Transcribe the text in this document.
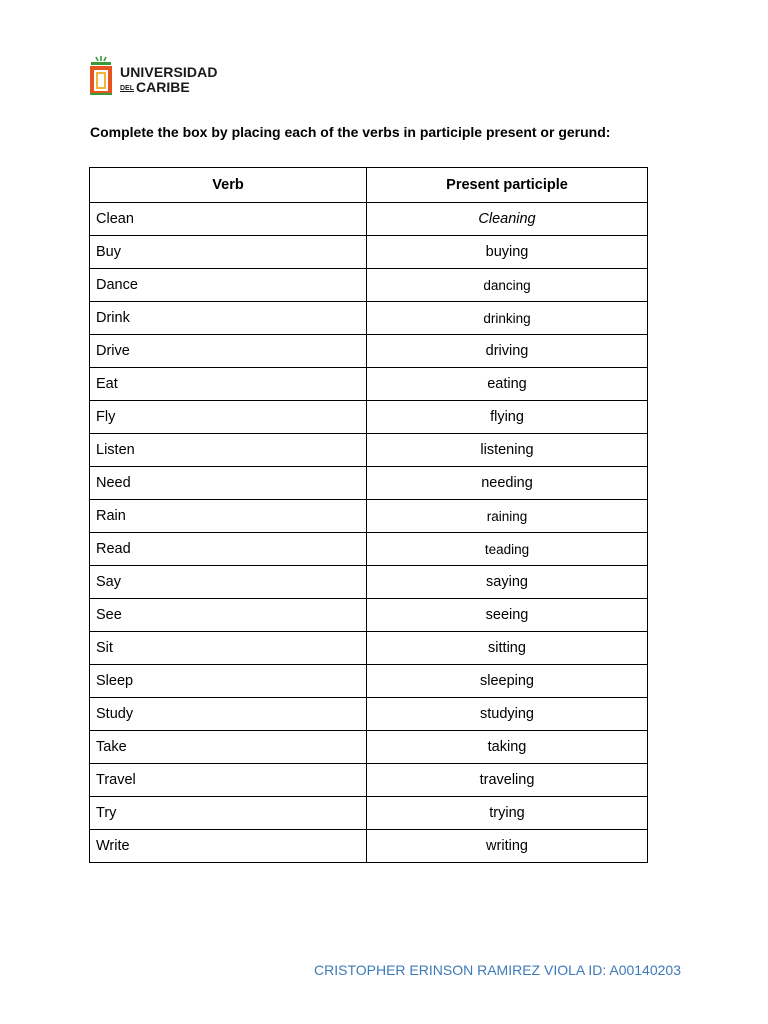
UNIVERSIDAD
DEL CARIBE
Complete the box by placing each of the verbs in participle present or gerund:
Verb	Present participle
Clean	Cleaning
Buy	buying
Dance	dancing
Drink	drinking
Drive	driving
Eat	eating
Fly	flying
Listen	listening
Need	needing
Rain	raining
Read	teading
Say	saying
See	seeing
Sit	sitting
Sleep	sleeping
Study	studying
Take	taking
Travel	traveling
Try	trying
Write	writing
CRISTOPHER ERINSON RAMIREZ VIOLA ID: A00140203
